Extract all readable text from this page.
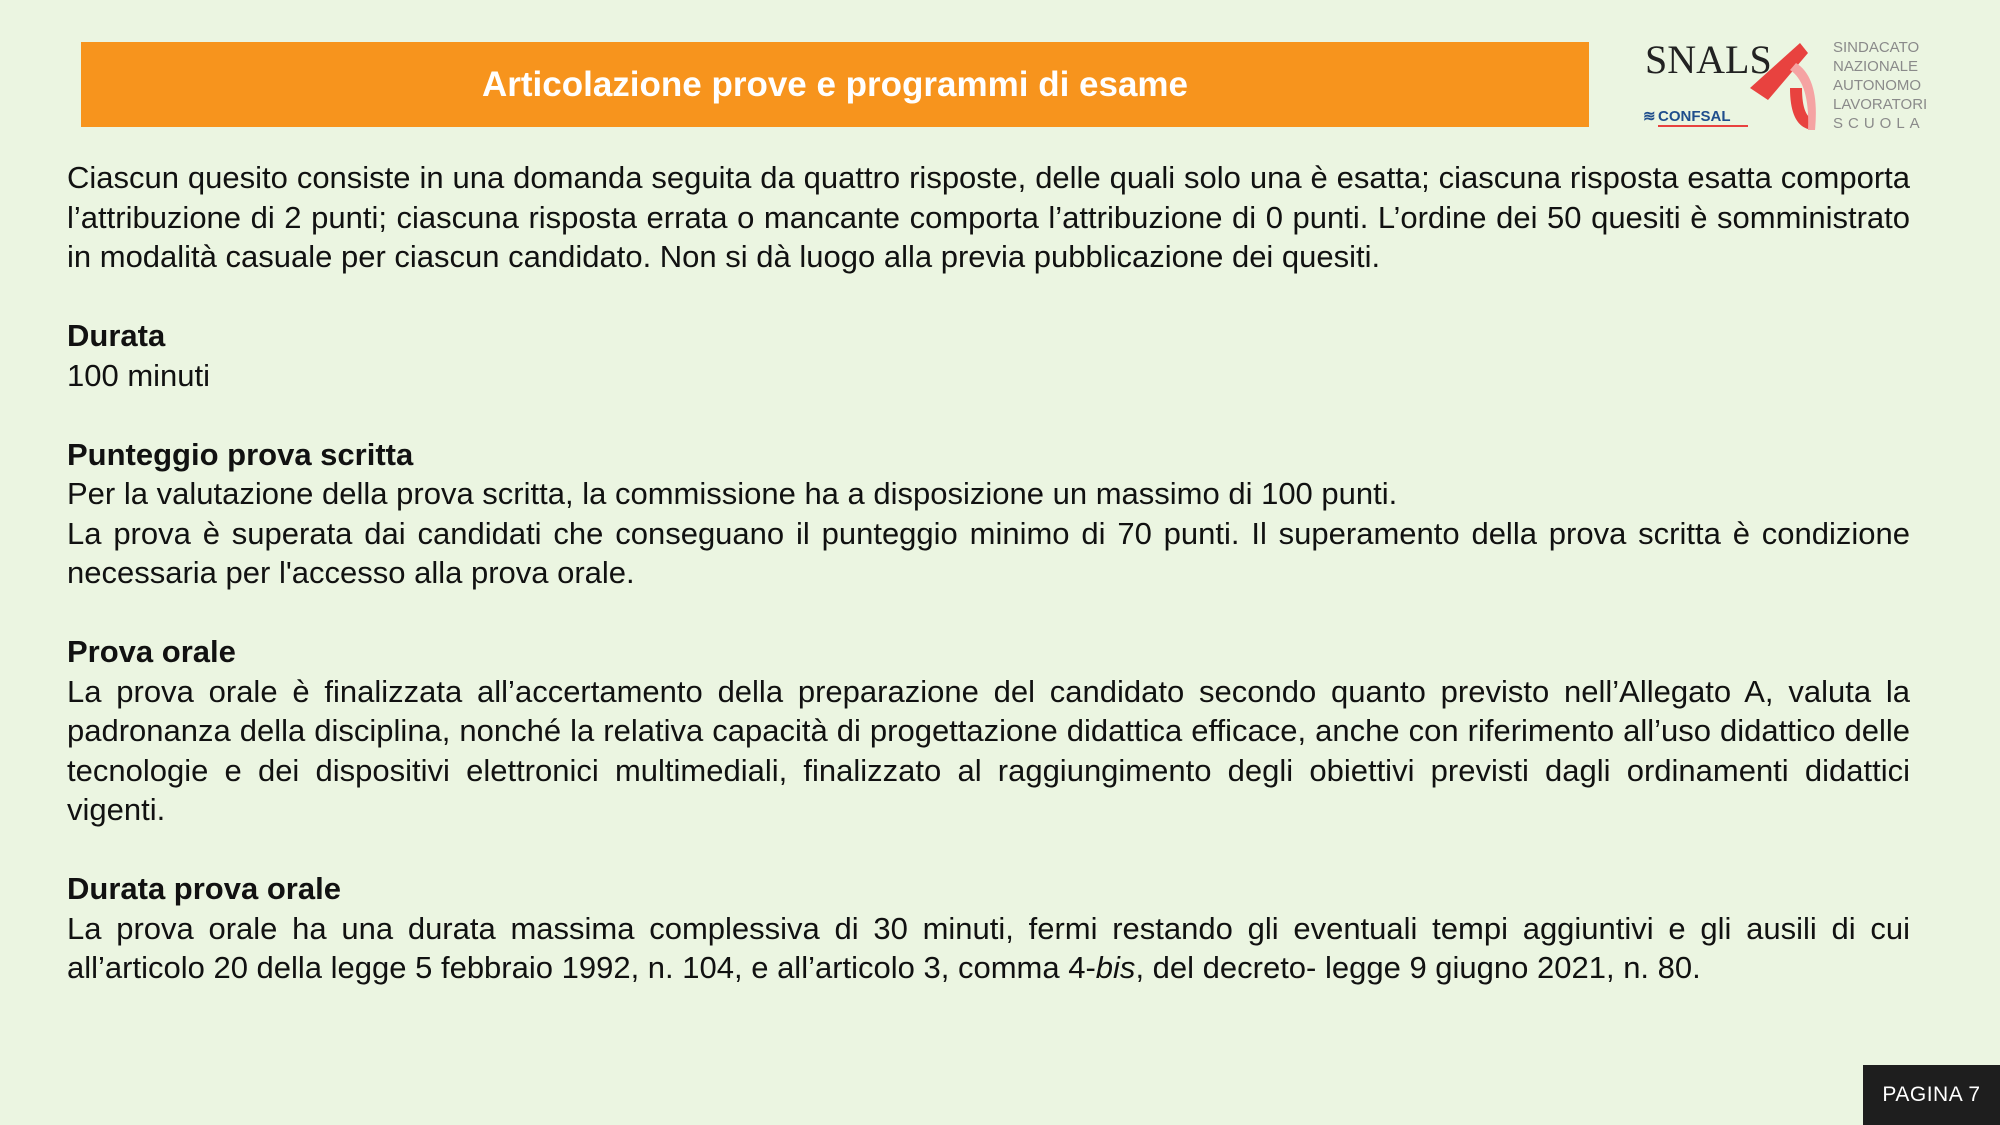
Articolazione prove e programmi di esame
SNALS
≋ CONFSAL
SINDACATO
NAZIONALE
AUTONOMO
LAVORATORI
SCUOLA

Ciascun quesito consiste in una domanda seguita da quattro risposte, delle quali solo una è esatta; ciascuna risposta esatta comporta l’attribuzione di 2 punti; ciascuna risposta errata o mancante comporta l’attribuzione di 0 punti. L’ordine dei 50 quesiti è somministrato in modalità casuale per ciascun candidato. Non si dà luogo alla previa pubblicazione dei quesiti.

Durata

100 minuti

Punteggio prova scritta

Per la valutazione della prova scritta, la commissione ha a disposizione un massimo di 100 punti.

La prova è superata dai candidati che conseguano il punteggio minimo di 70 punti. Il superamento della prova scritta è condizione necessaria per l'accesso alla prova orale.

Prova orale

La prova orale è finalizzata all’accertamento della preparazione del candidato secondo quanto previsto nell’Allegato A, valuta la padronanza della disciplina, nonché la relativa capacità di progettazione didattica efficace, anche con riferimento all’uso didattico delle tecnologie e dei dispositivi elettronici multimediali, finalizzato al raggiungimento degli obiettivi previsti dagli ordinamenti didattici vigenti.

Durata prova orale

La prova orale ha una durata massima complessiva di 30 minuti, fermi restando gli eventuali tempi aggiuntivi e gli ausili di cui all’articolo 20 della legge 5 febbraio 1992, n. 104, e all’articolo 3, comma 4-bis, del decreto- legge 9 giugno 2021, n. 80.

PAGINA 7
